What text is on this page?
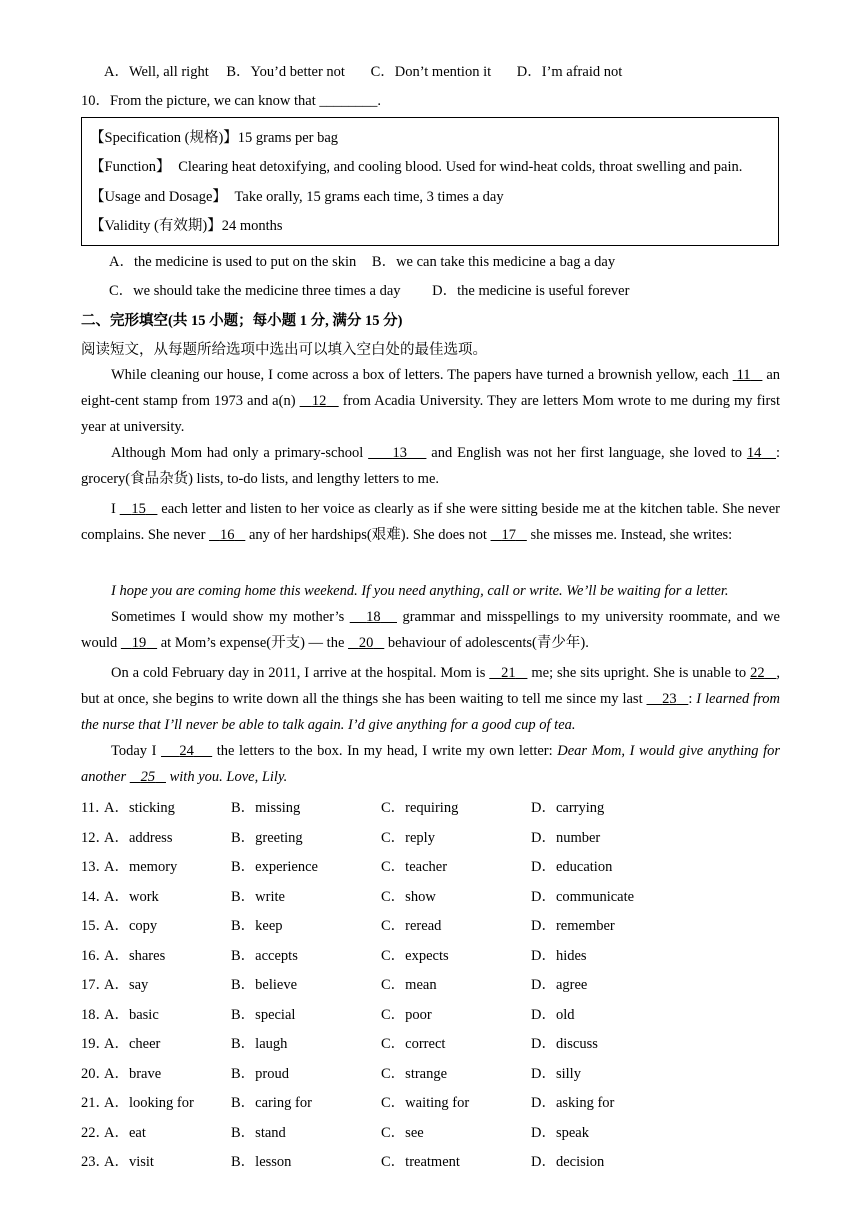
A．Well, all right B．You’d better not C．Don’t mention it D．I’m afraid not
10．From the picture, we can know that ________.
【Specification (规格)】15 grams per bag
【Function】 Clearing heat detoxifying, and cooling blood. Used for wind-heat colds, throat swelling and pain.
【Usage and Dosage】 Take orally, 15 grams each time, 3 times a day
【Validity (有效期)】24 months
A．the medicine is used to put on the skin B．we can take this medicine a bag a day
C．we should take the medicine three times a day D．the medicine is useful forever
二、完形填空(共 15 小题；每小题 1 分, 满分 15 分)
阅读短文，从每题所给选项中选出可以填入空白处的最佳选项。
While cleaning our house, I come across a box of letters. The papers have turned a brownish yellow, each  11    an eight-cent stamp from 1973 and a(n)    12    from Acadia University. They are letters Mom wrote to me during my first year at university.
Although Mom had only a primary-school      13     and English was not her first language, she loved to 14 : grocery(食品杂货) lists, to-do lists, and lengthy letters to me.
I    15    each letter and listen to her voice as clearly as if she were sitting beside me at the kitchen table. She never complains. She never    16    any of her hardships(艰难). She does not    17    she misses me. Instead, she writes:
I hope you are coming home this weekend. If you need anything, call or write. We’ll be waiting for a letter.
Sometimes I would show my mother’s    18    grammar and misspellings to my university roommate, and we would    19    at Mom’s expense(开支) — the    20    behaviour of adolescents(青少年).
On a cold February day in 2011, I arrive at the hospital. Mom is    21    me; she sits upright. She is unable to 22 , but at once, she begins to write down all the things she has been waiting to tell me since my last     23 : I learned from the nurse that I’ll never be able to talk again. I’d give anything for a good cup of tea.
Today I     24     the letters to the box. In my head, I write my own letter: Dear Mom, I would give anything for another    25    with you. Love, Lily.
11．
A．sticking	B．missing	C．requiring	D．carrying
12．
A．address	B．greeting	C．reply	D．number
13．
A．memory	B．experience	C．teacher	D．education
14．
A．work	B．write	C．show	D．communicate
15．
A．copy	B．keep	C．reread	D．remember
16．
A．shares	B．accepts	C．expects	D．hides
17．
A．say	B．believe	C．mean	D．agree
18．
A．basic	B．special	C．poor	D．old
19．
A．cheer	B．laugh	C．correct	D．discuss
20．
A．brave	B．proud	C．strange	D．silly
21．
A．looking for	B．caring for	C．waiting for	D．asking for
22．
A．eat	B．stand	C．see	D．speak
23．
A．visit	B．lesson	C．treatment	D．decision
